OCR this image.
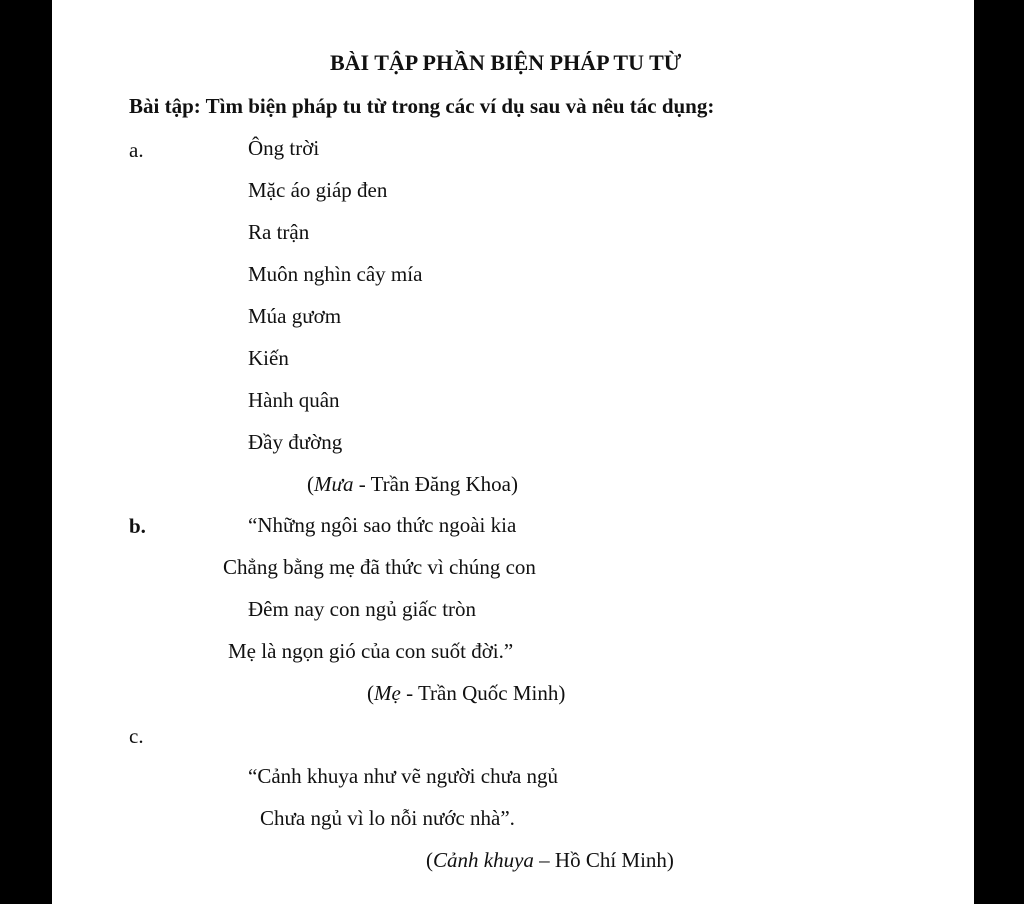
BÀI TẬP PHẦN BIỆN PHÁP TU TỪ
Bài tập: Tìm biện pháp tu từ trong các ví dụ sau và nêu tác dụng:
a.	Ông trời
Mặc áo giáp đen
Ra trận
Muôn nghìn cây mía
Múa gươm
Kiến
Hành quân
Đầy đường
(Mưa - Trần Đăng Khoa)
b.	“Những ngôi sao thức ngoài kia
Chẳng bằng mẹ đã thức vì chúng con
Đêm nay con ngủ giấc tròn
Mẹ là ngọn gió của con suốt đời.”
(Mẹ - Trần Quốc Minh)
c.
“Cảnh khuya như vẽ người chưa ngủ
Chưa ngủ vì lo nỗi nước nhà”.
(Cảnh khuya – Hồ Chí Minh)
